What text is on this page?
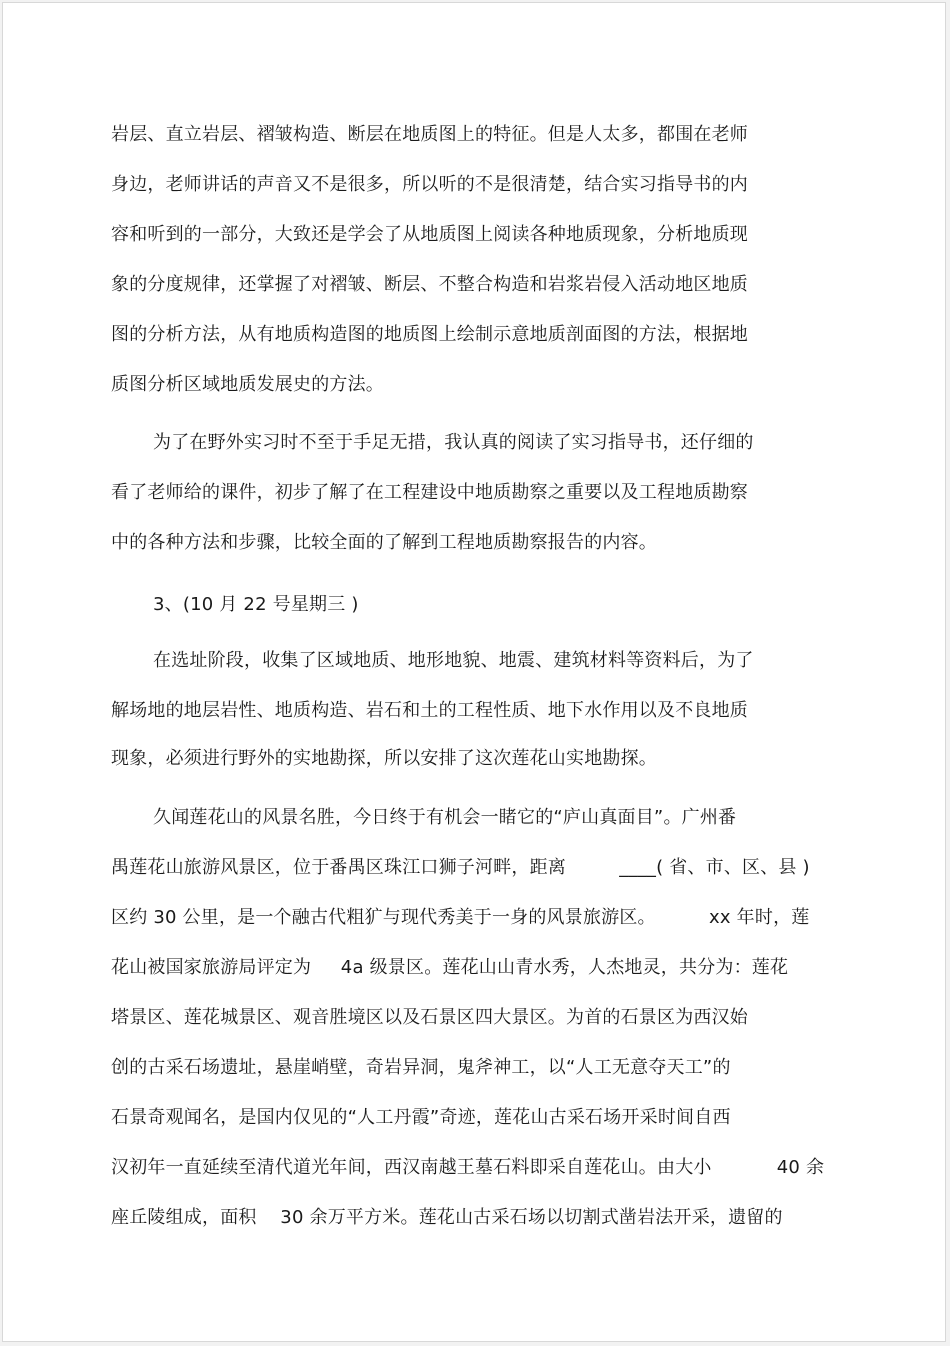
岩层、直立岩层、褶皱构造、断层在地质图上的特征。但是人太多，都围在老师
身边，老师讲话的声音又不是很多，所以听的不是很清楚，结合实习指导书的内
容和听到的一部分，大致还是学会了从地质图上阅读各种地质现象，分析地质现
象的分度规律，还掌握了对褶皱、断层、不整合构造和岩浆岩侵入活动地区地质
图的分析方法，从有地质构造图的地质图上绘制示意地质剖面图的方法，根据地
质图分析区域地质发展史的方法。
为了在野外实习时不至于手足无措，我认真的阅读了实习指导书，还仔细的
看了老师给的课件，初步了解了在工程建设中地质勘察之重要以及工程地质勘察
中的各种方法和步骤，比较全面的了解到工程地质勘察报告的内容。
3、(10 月 22 号星期三 )
在选址阶段，收集了区域地质、地形地貌、地震、建筑材料等资料后，为了
解场地的地层岩性、地质构造、岩石和土的工程性质、地下水作用以及不良地质
现象，必须进行野外的实地勘探，所以安排了这次莲花山实地勘探。
久闻莲花山的风景名胜，今日终于有机会一睹它的“庐山真面目”。广州番
禺莲花山旅游风景区，位于番禺区珠江口狮子河畔，距离         ____( 省、市、区、县 )
区约 30 公里，是一个融古代粗犷与现代秀美于一身的风景旅游区。         xx 年时，莲
花山被国家旅游局评定为     4a 级景区。莲花山山青水秀，人杰地灵，共分为：莲花
塔景区、莲花城景区、观音胜境区以及石景区四大景区。为首的石景区为西汉始
创的古采石场遗址，悬崖峭壁，奇岩异洞，鬼斧神工，以“人工无意夺天工”的
石景奇观闻名，是国内仅见的“人工丹霞”奇迹，莲花山古采石场开采时间自西
汉初年一直延续至清代道光年间，西汉南越王墓石料即采自莲花山。由大小           40 余
座丘陵组成，面积    30 余万平方米。莲花山古采石场以切割式凿岩法开采，遗留的
